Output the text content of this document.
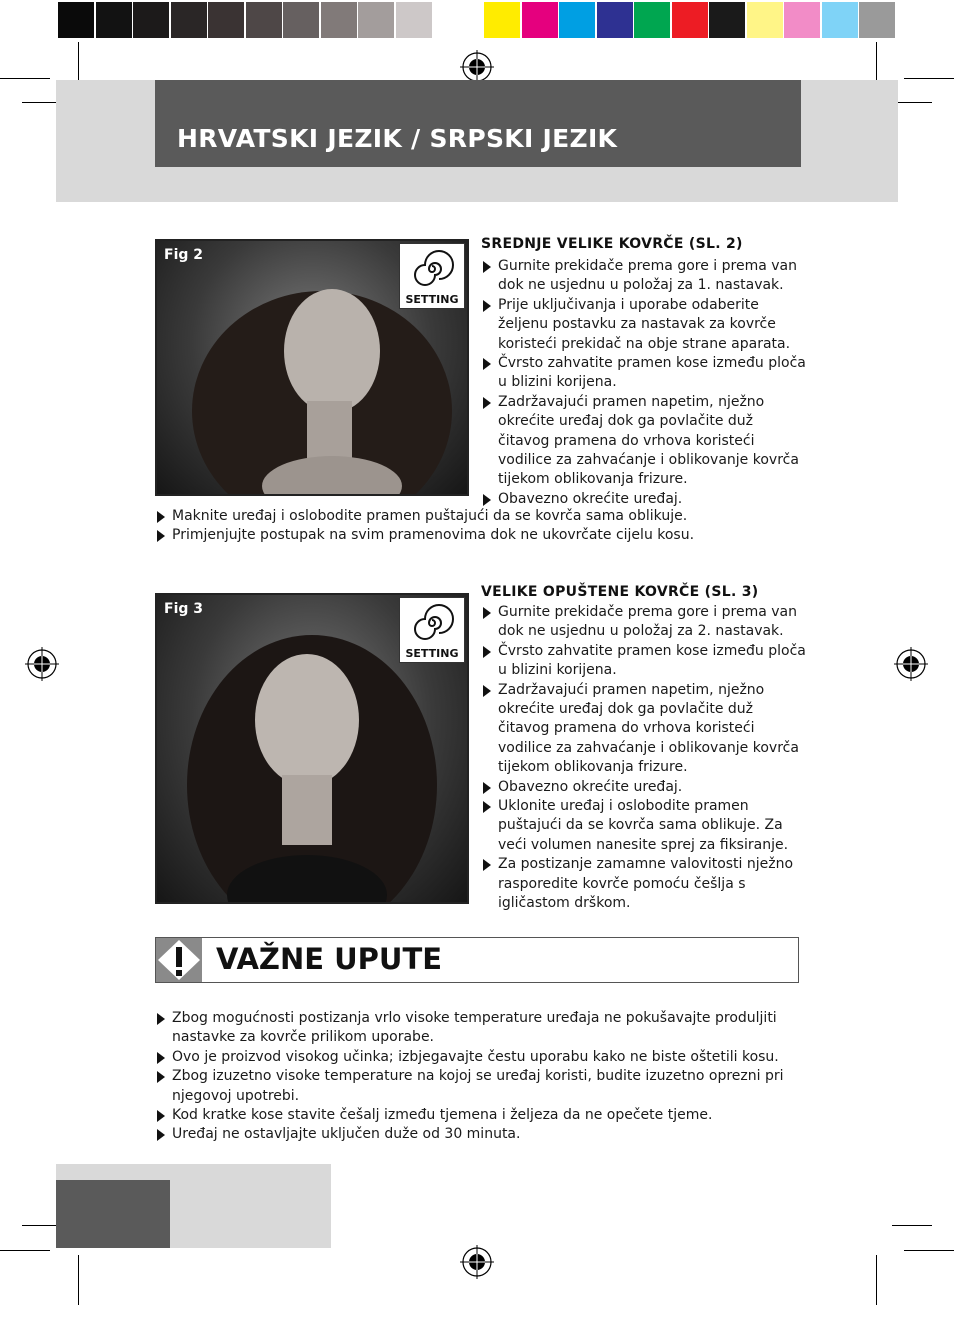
HRVATSKI JEZIK / SRPSKI JEZIK
Fig 2
SETTING
SREDNJE VELIKE KOVRČE (SL. 2)
Gurnite prekidače prema gore i prema van dok ne usjednu u položaj za 1. nastavak.
Prije uključivanja i uporabe odaberite željenu postavku za nastavak za kovrče koristeći prekidač na obje strane aparata.
Čvrsto zahvatite pramen kose između ploča u blizini korijena.
Zadržavajući pramen napetim, nježno okrećite uređaj dok ga povlačite duž čitavog pramena do vrhova koristeći vodilice za zahvaćanje i oblikovanje kovrča tijekom oblikovanja frizure.
Obavezno okrećite uređaj.
Maknite uređaj i oslobodite pramen puštajući da se kovrča sama oblikuje.
Primjenjujte postupak na svim pramenovima dok ne ukovrčate cijelu kosu.
Fig 3
SETTING
VELIKE OPUŠTENE KOVRČE (SL. 3)
Gurnite prekidače prema gore i prema van dok ne usjednu u položaj za 2. nastavak.
Čvrsto zahvatite pramen kose između ploča u blizini korijena.
Zadržavajući pramen napetim, nježno okrećite uređaj dok ga povlačite duž čitavog pramena do vrhova koristeći vodilice za zahvaćanje i oblikovanje kovrča tijekom oblikovanja frizure.
Obavezno okrećite uređaj.
Uklonite uređaj i oslobodite pramen puštajući da se kovrča sama oblikuje. Za veći volumen nanesite sprej za fiksiranje.
Za postizanje zamamne valovitosti nježno rasporedite kovrče pomoću češlja s igličastom drškom.
VAŽNE UPUTE
Zbog mogućnosti postizanja vrlo visoke temperature uređaja ne pokušavajte produljiti nastavke za kovrče prilikom uporabe.
Ovo je proizvod visokog učinka; izbjegavajte čestu uporabu kako ne biste oštetili kosu.
Zbog izuzetno visoke temperature na kojoj se uređaj koristi, budite izuzetno oprezni pri njegovoj upotrebi.
Kod kratke kose stavite češalj između tjemena i željeza da ne opečete tjeme.
Uređaj ne ostavljajte uključen duže od 30 minuta.
